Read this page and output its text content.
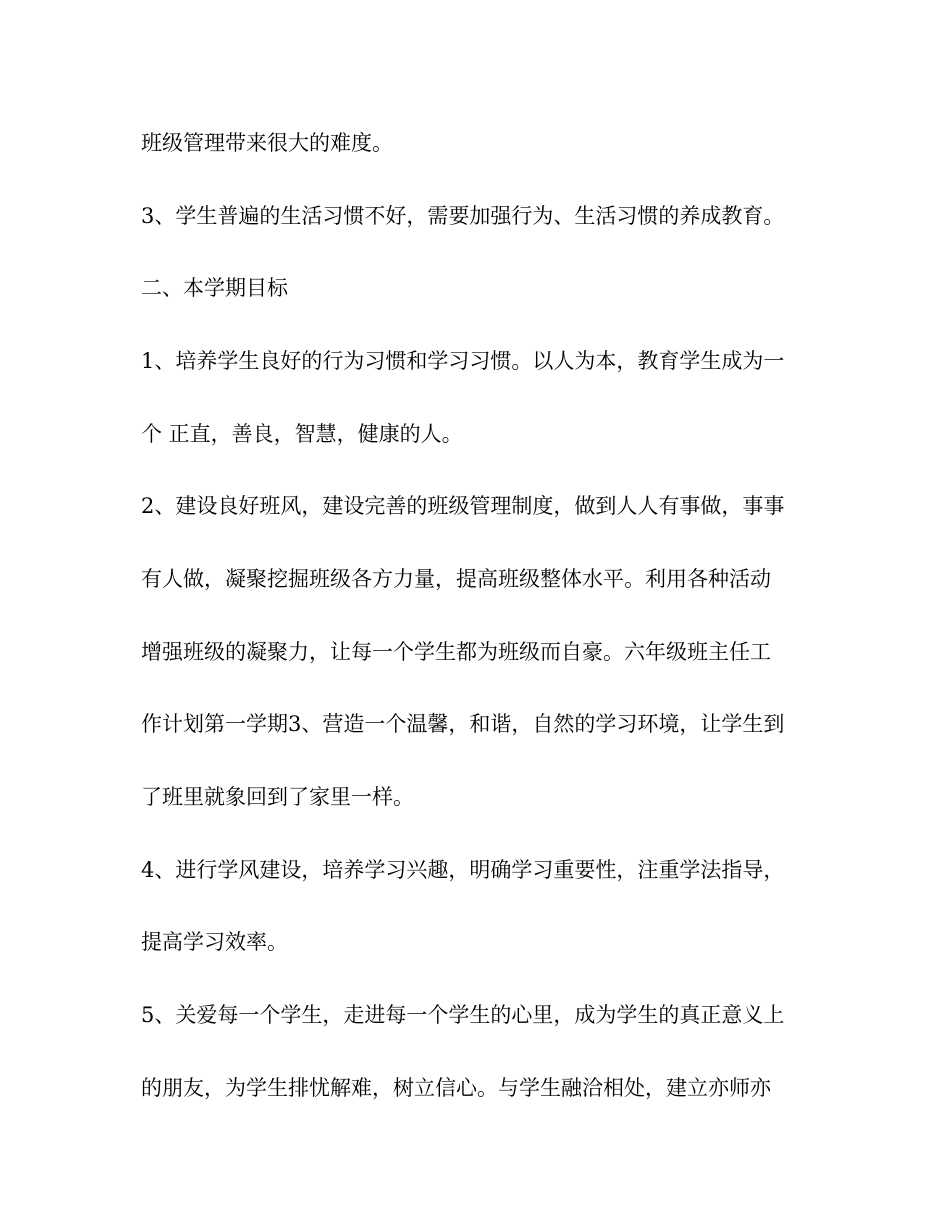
班级管理带来很大的难度。
3、学生普遍的生活习惯不好，需要加强行为、生活习惯的养成教育。
二、本学期目标
1、培养学生良好的行为习惯和学习习惯。以人为本，教育学生成为一
个 正直，善良，智慧，健康的人。
2、建设良好班风，建设完善的班级管理制度，做到人人有事做，事事
有人做，凝聚挖掘班级各方力量，提高班级整体水平。利用各种活动
增强班级的凝聚力，让每一个学生都为班级而自豪。六年级班主任工
作计划第一学期3、营造一个温馨，和谐，自然的学习环境，让学生到
了班里就象回到了家里一样。
4、进行学风建设，培养学习兴趣，明确学习重要性，注重学法指导，
提高学习效率。
5、关爱每一个学生，走进每一个学生的心里，成为学生的真正意义上
的朋友，为学生排忧解难，树立信心。与学生融洽相处，建立亦师亦
